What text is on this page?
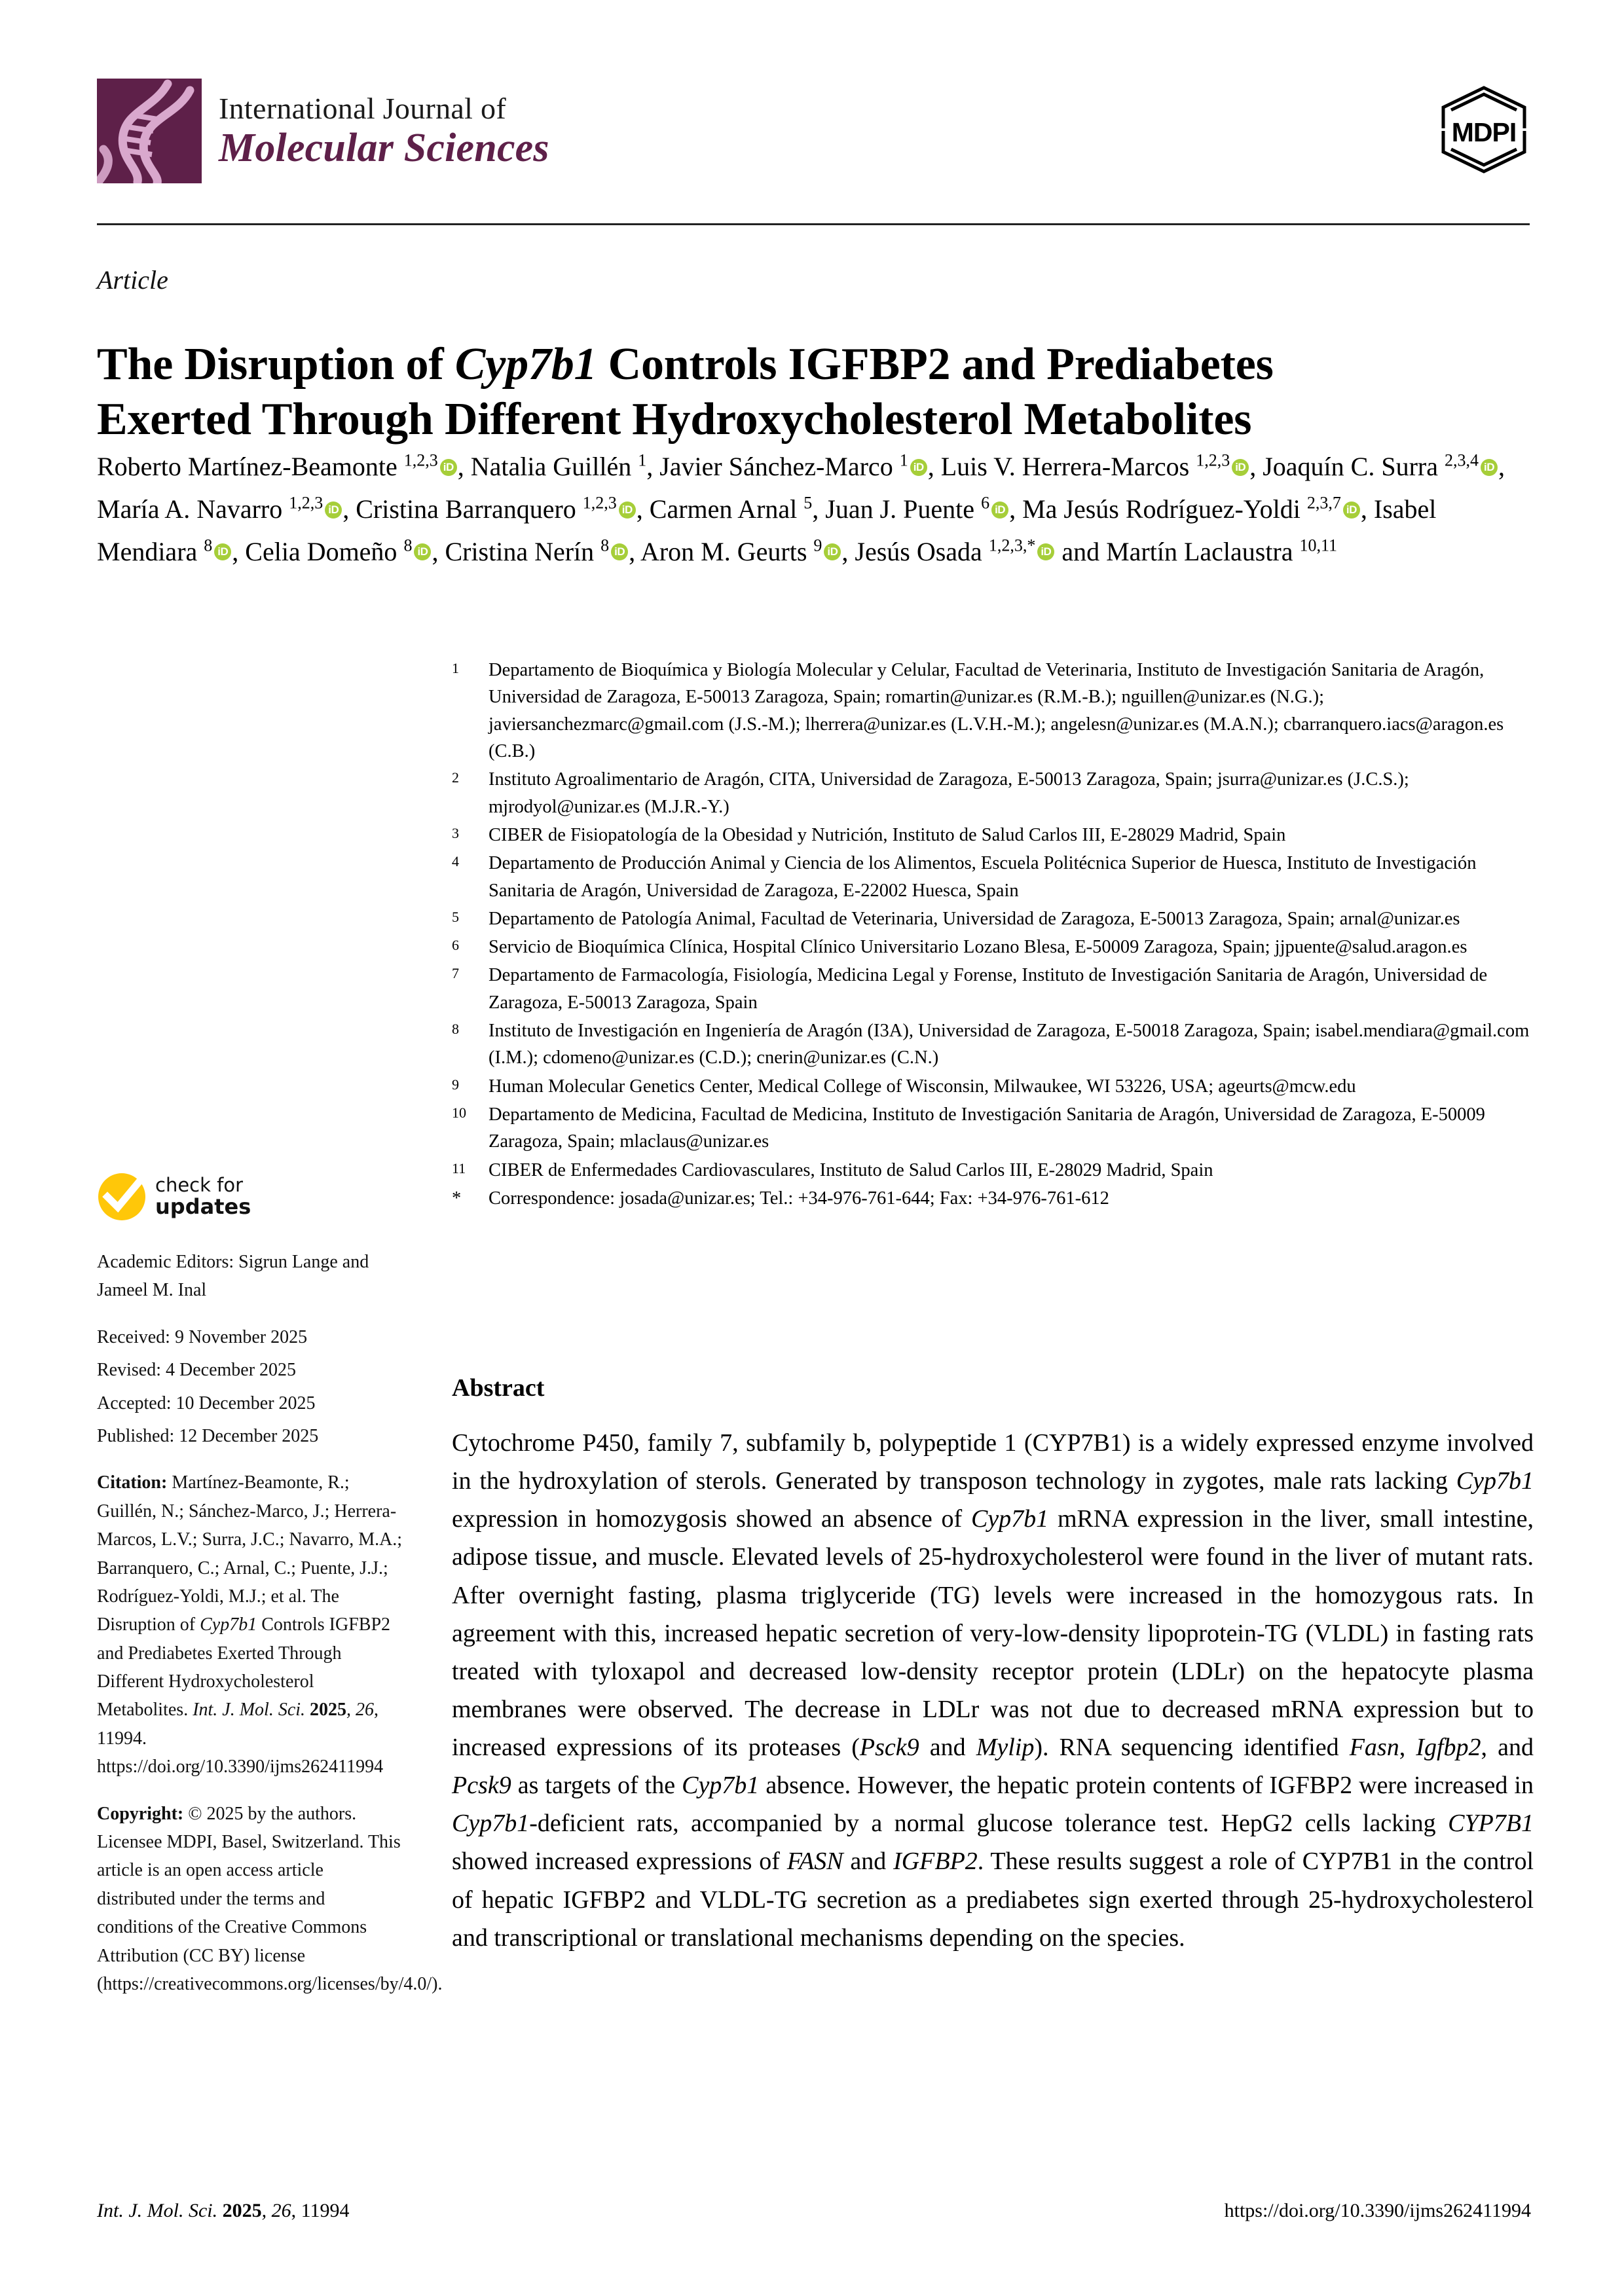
International Journal of
Molecular Sciences	MDPI
Article
The Disruption of Cyp7b1 Controls IGFBP2 and Prediabetes
Exerted Through Different Hydroxycholesterol Metabolites
Roberto Martínez-Beamonte $^{1,2,3}$ iD , Natalia Guillén $^1$, Javier Sánchez-Marco $^1$ iD , Luis V. Herrera-Marcos $^{1,2,3}$ iD , Joaquín C. Surra $^{2,3,4}$ iD , María A. Navarro $^{1,2,3}$ iD , Cristina Barranquero $^{1,2,3}$ iD , Carmen Arnal $^5$, Juan J. Puente $^6$ iD , Ma Jesús Rodríguez-Yoldi $^{2,3,7}$ iD , Isabel Mendiara $^8$ iD , Celia Domeño $^8$ iD , Cristina Nerín $^8$ iD , Aron M. Geurts $^9$ iD , Jesús Osada $^{1,2,3,*}$ iD and Martín Laclaustra $^{10,11}$
check for
updates

Academic Editors: Sigrun Lange and Jameel M. Inal

Received: 9 November 2025

Revised: 4 December 2025

Accepted: 10 December 2025

Published: 12 December 2025

Citation: Martínez-Beamonte, R.; Guillén, N.; Sánchez-Marco, J.; Herrera-Marcos, L.V.; Surra, J.C.; Navarro, M.A.; Barranquero, C.; Arnal, C.; Puente, J.J.; Rodríguez-Yoldi, M.J.; et al. The Disruption of Cyp7b1 Controls IGFBP2 and Prediabetes Exerted Through Different Hydroxycholesterol Metabolites. Int. J. Mol. Sci. 2025, 26, 11994. https://doi.org/10.3390/ijms262411994

Copyright: © 2025 by the authors. Licensee MDPI, Basel, Switzerland. This article is an open access article distributed under the terms and conditions of the Creative Commons Attribution (CC BY) license (https://creativecommons.org/licenses/by/4.0/).

1	Departamento de Bioquímica y Biología Molecular y Celular, Facultad de Veterinaria, Instituto de Investigación Sanitaria de Aragón, Universidad de Zaragoza, E-50013 Zaragoza, Spain; romartin@unizar.es (R.M.-B.); nguillen@unizar.es (N.G.); javiersanchezmarc@gmail.com (J.S.-M.); lherrera@unizar.es (L.V.H.-M.); angelesn@unizar.es (M.A.N.); cbarranquero.iacs@aragon.es (C.B.)
2	Instituto Agroalimentario de Aragón, CITA, Universidad de Zaragoza, E-50013 Zaragoza, Spain; jsurra@unizar.es (J.C.S.); mjrodyol@unizar.es (M.J.R.-Y.)
3	CIBER de Fisiopatología de la Obesidad y Nutrición, Instituto de Salud Carlos III, E-28029 Madrid, Spain
4	Departamento de Producción Animal y Ciencia de los Alimentos, Escuela Politécnica Superior de Huesca, Instituto de Investigación Sanitaria de Aragón, Universidad de Zaragoza, E-22002 Huesca, Spain
5	Departamento de Patología Animal, Facultad de Veterinaria, Universidad de Zaragoza, E-50013 Zaragoza, Spain; arnal@unizar.es
6	Servicio de Bioquímica Clínica, Hospital Clínico Universitario Lozano Blesa, E-50009 Zaragoza, Spain; jjpuente@salud.aragon.es
7	Departamento de Farmacología, Fisiología, Medicina Legal y Forense, Instituto de Investigación Sanitaria de Aragón, Universidad de Zaragoza, E-50013 Zaragoza, Spain
8	Instituto de Investigación en Ingeniería de Aragón (I3A), Universidad de Zaragoza, E-50018 Zaragoza, Spain; isabel.mendiara@gmail.com (I.M.); cdomeno@unizar.es (C.D.); cnerin@unizar.es (C.N.)
9	Human Molecular Genetics Center, Medical College of Wisconsin, Milwaukee, WI 53226, USA; ageurts@mcw.edu
10	Departamento de Medicina, Facultad de Medicina, Instituto de Investigación Sanitaria de Aragón, Universidad de Zaragoza, E-50009 Zaragoza, Spain; mlaclaus@unizar.es
11	CIBER de Enfermedades Cardiovasculares, Instituto de Salud Carlos III, E-28029 Madrid, Spain
*	Correspondence: josada@unizar.es; Tel.: +34-976-761-644; Fax: +34-976-761-612
Abstract
Cytochrome P450, family 7, subfamily b, polypeptide 1 (CYP7B1) is a widely expressed enzyme involved in the hydroxylation of sterols. Generated by transposon technology in zygotes, male rats lacking Cyp7b1 expression in homozygosis showed an absence of Cyp7b1 mRNA expression in the liver, small intestine, adipose tissue, and muscle. Elevated levels of 25-hydroxycholesterol were found in the liver of mutant rats. After overnight fasting, plasma triglyceride (TG) levels were increased in the homozygous rats. In agreement with this, increased hepatic secretion of very-low-density lipoprotein-TG (VLDL) in fasting rats treated with tyloxapol and decreased low-density receptor protein (LDLr) on the hepatocyte plasma membranes were observed. The decrease in LDLr was not due to decreased mRNA expression but to increased expressions of its proteases (Psck9 and Mylip). RNA sequencing identified Fasn, Igfbp2, and Pcsk9 as targets of the Cyp7b1 absence. However, the hepatic protein contents of IGFBP2 were increased in Cyp7b1-deficient rats, accompanied by a normal glucose tolerance test. HepG2 cells lacking CYP7B1 showed increased expressions of FASN and IGFBP2. These results suggest a role of CYP7B1 in the control of hepatic IGFBP2 and VLDL-TG secretion as a prediabetes sign exerted through 25-hydroxycholesterol and transcriptional or translational mechanisms depending on the species.
Int. J. Mol. Sci. 2025, 26, 11994	https://doi.org/10.3390/ijms262411994
